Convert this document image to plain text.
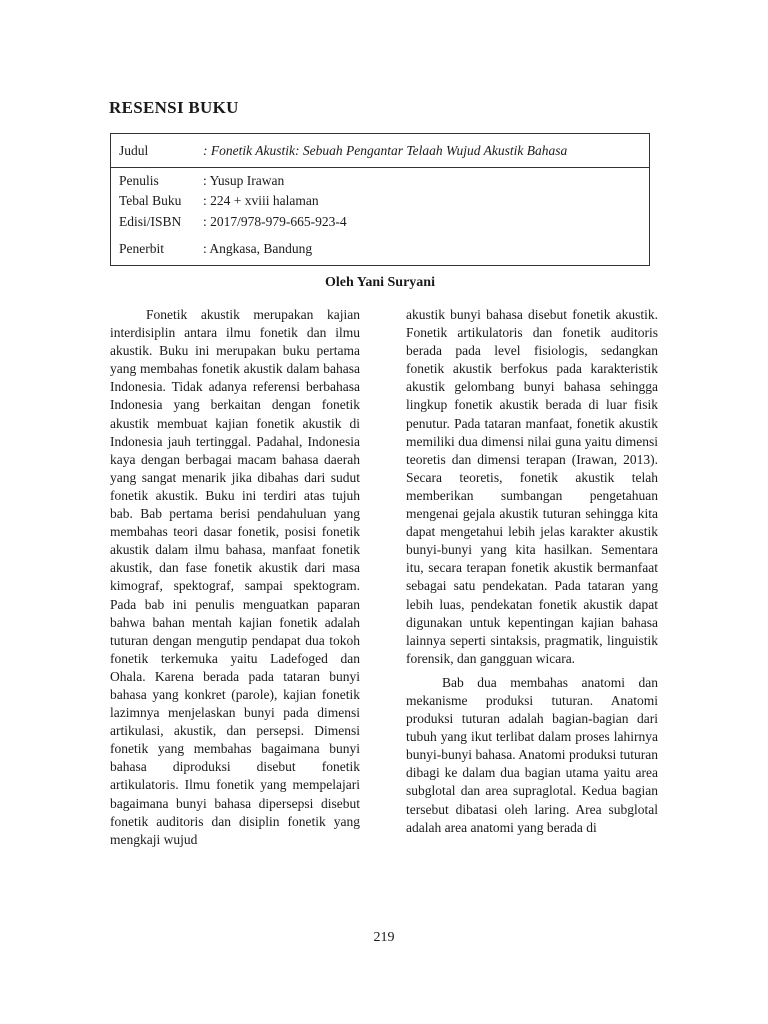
RESENSI BUKU
Judul	: Fonetik Akustik: Sebuah Pengantar Telaah Wujud Akustik Bahasa
Penulis	: Yusup Irawan
Tebal Buku : 224 + xviii halaman
Edisi/ISBN : 2017/978-979-665-923-4
Penerbit	: Angkasa, Bandung
Oleh Yani Suryani

Fonetik akustik merupakan kajian interdisiplin antara ilmu fonetik dan ilmu akustik. Buku ini merupakan buku pertama yang membahas fonetik akustik dalam bahasa Indonesia. Tidak adanya referensi berbahasa Indonesia yang berkaitan dengan fonetik akustik membuat kajian fonetik akustik di Indonesia jauh tertinggal. Padahal, Indonesia kaya dengan berbagai macam bahasa daerah yang sangat menarik jika dibahas dari sudut fonetik akustik. Buku ini terdiri atas tujuh bab. Bab pertama berisi pendahuluan yang membahas teori dasar fonetik, posisi fonetik akustik dalam ilmu bahasa, manfaat fonetik akustik, dan fase fonetik akustik dari masa kimograf, spektograf, sampai spektogram. Pada bab ini penulis menguatkan paparan bahwa bahan mentah kajian fonetik adalah tuturan dengan mengutip pendapat dua tokoh fonetik terkemuka yaitu Ladefoged dan Ohala. Karena berada pada tataran bunyi bahasa yang konkret (parole), kajian fonetik lazimnya menjelaskan bunyi pada dimensi artikulasi, akustik, dan persepsi. Dimensi fonetik yang membahas bagaimana bunyi bahasa diproduksi disebut fonetik artikulatoris. Ilmu fonetik yang mempelajari bagaimana bunyi bahasa dipersepsi disebut fonetik auditoris dan disiplin fonetik yang mengkaji wujud

akustik bunyi bahasa disebut fonetik akustik. Fonetik artikulatoris dan fonetik auditoris berada pada level fisiologis, sedangkan fonetik akustik berfokus pada karakteristik akustik gelombang bunyi bahasa sehingga lingkup fonetik akustik berada di luar fisik penutur. Pada tataran manfaat, fonetik akustik memiliki dua dimensi nilai guna yaitu dimensi teoretis dan dimensi terapan (Irawan, 2013). Secara teoretis, fonetik akustik telah memberikan sumbangan pengetahuan mengenai gejala akustik tuturan sehingga kita dapat mengetahui lebih jelas karakter akustik bunyi-bunyi yang kita hasilkan. Sementara itu, secara terapan fonetik akustik bermanfaat sebagai satu pendekatan. Pada tataran yang lebih luas, pendekatan fonetik akustik dapat digunakan untuk kepentingan kajian bahasa lainnya seperti sintaksis, pragmatik, linguistik forensik, dan gangguan wicara.

Bab dua membahas anatomi dan mekanisme produksi tuturan. Anatomi produksi tuturan adalah bagian-bagian dari tubuh yang ikut terlibat dalam proses lahirnya bunyi-bunyi bahasa. Anatomi produksi tuturan dibagi ke dalam dua bagian utama yaitu area subglotal dan area supraglotal. Kedua bagian tersebut dibatasi oleh laring. Area subglotal adalah area anatomi yang berada di

219
